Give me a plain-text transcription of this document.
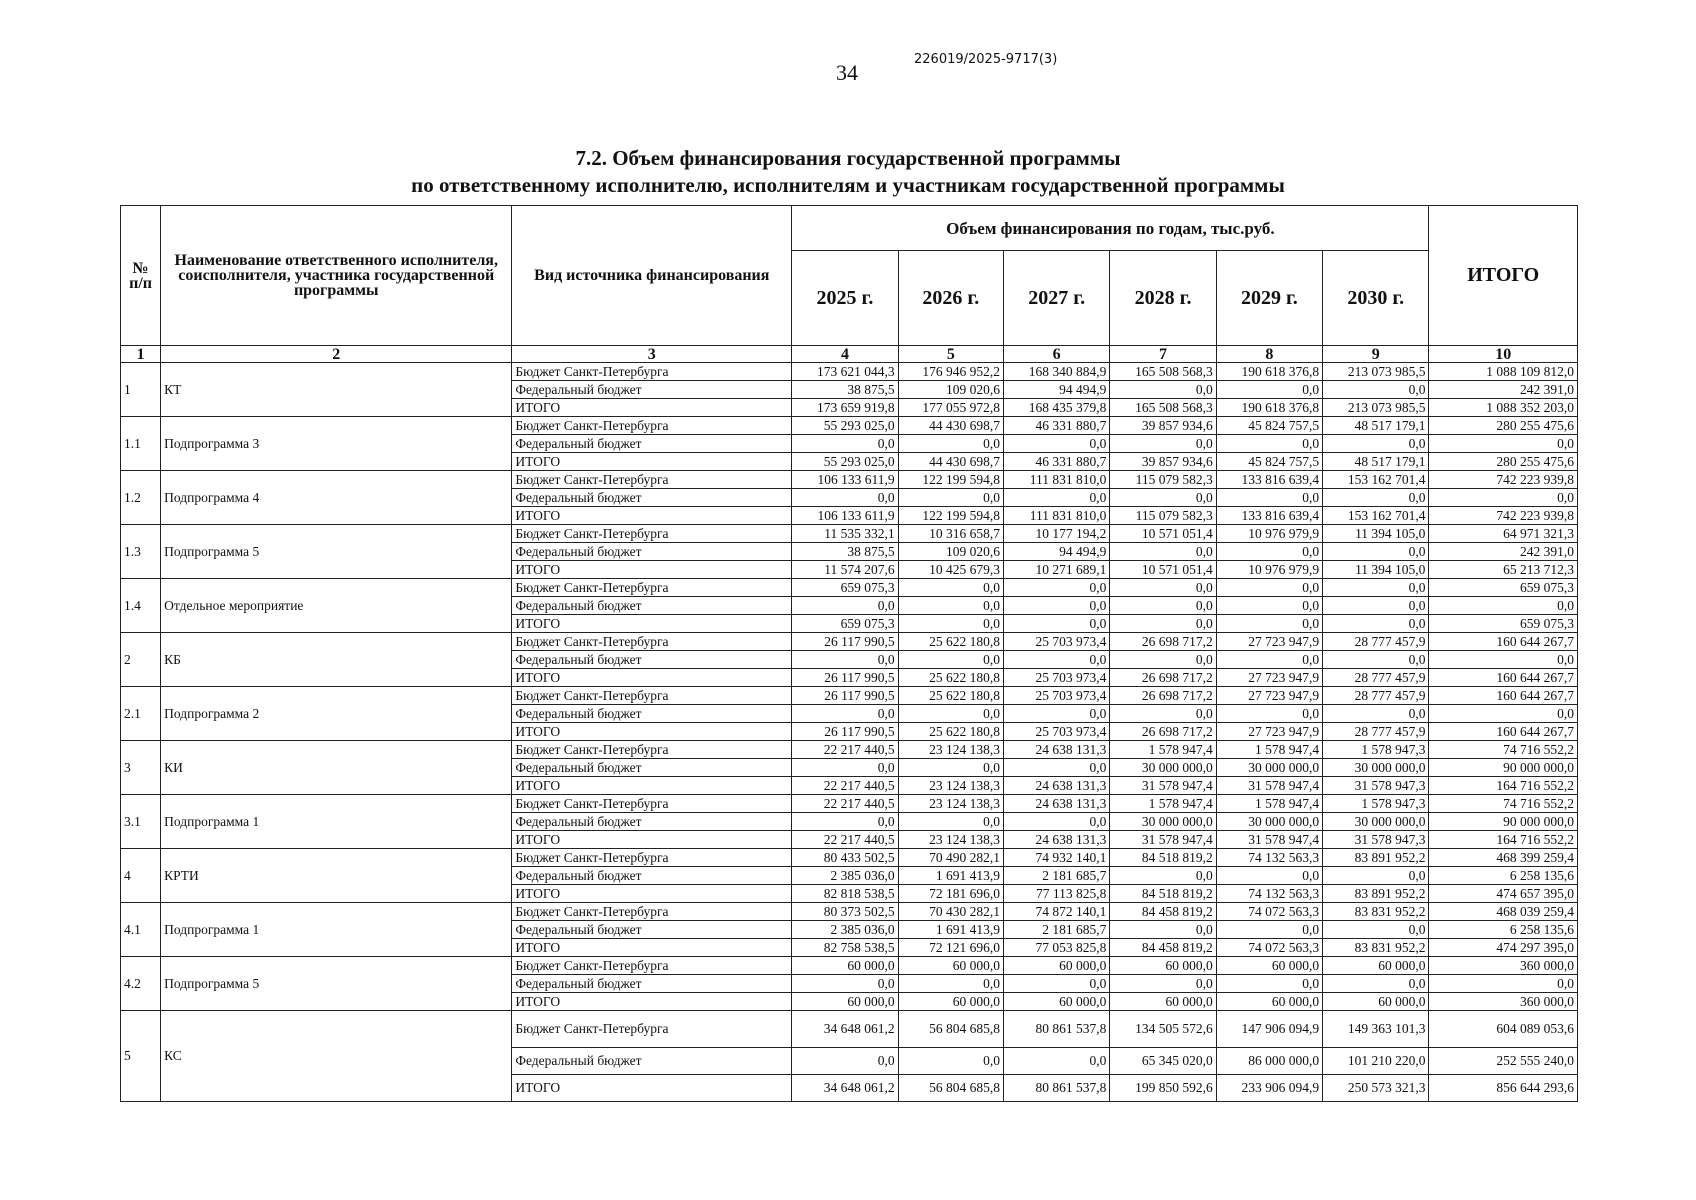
34
226019/2025-9717(3)
7.2. Объем финансирования государственной программы
по ответственному исполнителю, исполнителям и участникам государственной программы
№ п/п	Наименование ответственного исполнителя, соисполнителя, участника государственной программы	Вид источника финансирования	Объем финансирования по годам, тыс.руб.						ИТОГО
			2025 г.	2026 г.	2027 г.	2028 г.	2029 г.	2030 г.	
1	2	3	4	5	6	7	8	9	10
1	КТ	Бюджет Санкт-Петербурга	173 621 044,3	176 946 952,2	168 340 884,9	165 508 568,3	190 618 376,8	213 073 985,5	1 088 109 812,0
		Федеральный бюджет	38 875,5	109 020,6	94 494,9	0,0	0,0	0,0	242 391,0
		ИТОГО	173 659 919,8	177 055 972,8	168 435 379,8	165 508 568,3	190 618 376,8	213 073 985,5	1 088 352 203,0
1.1	Подпрограмма 3	Бюджет Санкт-Петербурга	55 293 025,0	44 430 698,7	46 331 880,7	39 857 934,6	45 824 757,5	48 517 179,1	280 255 475,6
		Федеральный бюджет	0,0	0,0	0,0	0,0	0,0	0,0	0,0
		ИТОГО	55 293 025,0	44 430 698,7	46 331 880,7	39 857 934,6	45 824 757,5	48 517 179,1	280 255 475,6
1.2	Подпрограмма 4	Бюджет Санкт-Петербурга	106 133 611,9	122 199 594,8	111 831 810,0	115 079 582,3	133 816 639,4	153 162 701,4	742 223 939,8
		Федеральный бюджет	0,0	0,0	0,0	0,0	0,0	0,0	0,0
		ИТОГО	106 133 611,9	122 199 594,8	111 831 810,0	115 079 582,3	133 816 639,4	153 162 701,4	742 223 939,8
1.3	Подпрограмма 5	Бюджет Санкт-Петербурга	11 535 332,1	10 316 658,7	10 177 194,2	10 571 051,4	10 976 979,9	11 394 105,0	64 971 321,3
		Федеральный бюджет	38 875,5	109 020,6	94 494,9	0,0	0,0	0,0	242 391,0
		ИТОГО	11 574 207,6	10 425 679,3	10 271 689,1	10 571 051,4	10 976 979,9	11 394 105,0	65 213 712,3
1.4	Отдельное мероприятие	Бюджет Санкт-Петербурга	659 075,3	0,0	0,0	0,0	0,0	0,0	659 075,3
		Федеральный бюджет	0,0	0,0	0,0	0,0	0,0	0,0	0,0
		ИТОГО	659 075,3	0,0	0,0	0,0	0,0	0,0	659 075,3
2	КБ	Бюджет Санкт-Петербурга	26 117 990,5	25 622 180,8	25 703 973,4	26 698 717,2	27 723 947,9	28 777 457,9	160 644 267,7
		Федеральный бюджет	0,0	0,0	0,0	0,0	0,0	0,0	0,0
		ИТОГО	26 117 990,5	25 622 180,8	25 703 973,4	26 698 717,2	27 723 947,9	28 777 457,9	160 644 267,7
2.1	Подпрограмма 2	Бюджет Санкт-Петербурга	26 117 990,5	25 622 180,8	25 703 973,4	26 698 717,2	27 723 947,9	28 777 457,9	160 644 267,7
		Федеральный бюджет	0,0	0,0	0,0	0,0	0,0	0,0	0,0
		ИТОГО	26 117 990,5	25 622 180,8	25 703 973,4	26 698 717,2	27 723 947,9	28 777 457,9	160 644 267,7
3	КИ	Бюджет Санкт-Петербурга	22 217 440,5	23 124 138,3	24 638 131,3	1 578 947,4	1 578 947,4	1 578 947,3	74 716 552,2
		Федеральный бюджет	0,0	0,0	0,0	30 000 000,0	30 000 000,0	30 000 000,0	90 000 000,0
		ИТОГО	22 217 440,5	23 124 138,3	24 638 131,3	31 578 947,4	31 578 947,4	31 578 947,3	164 716 552,2
3.1	Подпрограмма 1	Бюджет Санкт-Петербурга	22 217 440,5	23 124 138,3	24 638 131,3	1 578 947,4	1 578 947,4	1 578 947,3	74 716 552,2
		Федеральный бюджет	0,0	0,0	0,0	30 000 000,0	30 000 000,0	30 000 000,0	90 000 000,0
		ИТОГО	22 217 440,5	23 124 138,3	24 638 131,3	31 578 947,4	31 578 947,4	31 578 947,3	164 716 552,2
4	КРТИ	Бюджет Санкт-Петербурга	80 433 502,5	70 490 282,1	74 932 140,1	84 518 819,2	74 132 563,3	83 891 952,2	468 399 259,4
		Федеральный бюджет	2 385 036,0	1 691 413,9	2 181 685,7	0,0	0,0	0,0	6 258 135,6
		ИТОГО	82 818 538,5	72 181 696,0	77 113 825,8	84 518 819,2	74 132 563,3	83 891 952,2	474 657 395,0
4.1	Подпрограмма 1	Бюджет Санкт-Петербурга	80 373 502,5	70 430 282,1	74 872 140,1	84 458 819,2	74 072 563,3	83 831 952,2	468 039 259,4
		Федеральный бюджет	2 385 036,0	1 691 413,9	2 181 685,7	0,0	0,0	0,0	6 258 135,6
		ИТОГО	82 758 538,5	72 121 696,0	77 053 825,8	84 458 819,2	74 072 563,3	83 831 952,2	474 297 395,0
4.2	Подпрограмма 5	Бюджет Санкт-Петербурга	60 000,0	60 000,0	60 000,0	60 000,0	60 000,0	60 000,0	360 000,0
		Федеральный бюджет	0,0	0,0	0,0	0,0	0,0	0,0	0,0
		ИТОГО	60 000,0	60 000,0	60 000,0	60 000,0	60 000,0	60 000,0	360 000,0
5	КС	Бюджет Санкт-Петербурга	34 648 061,2	56 804 685,8	80 861 537,8	134 505 572,6	147 906 094,9	149 363 101,3	604 089 053,6
		Федеральный бюджет	0,0	0,0	0,0	65 345 020,0	86 000 000,0	101 210 220,0	252 555 240,0
		ИТОГО	34 648 061,2	56 804 685,8	80 861 537,8	199 850 592,6	233 906 094,9	250 573 321,3	856 644 293,6
